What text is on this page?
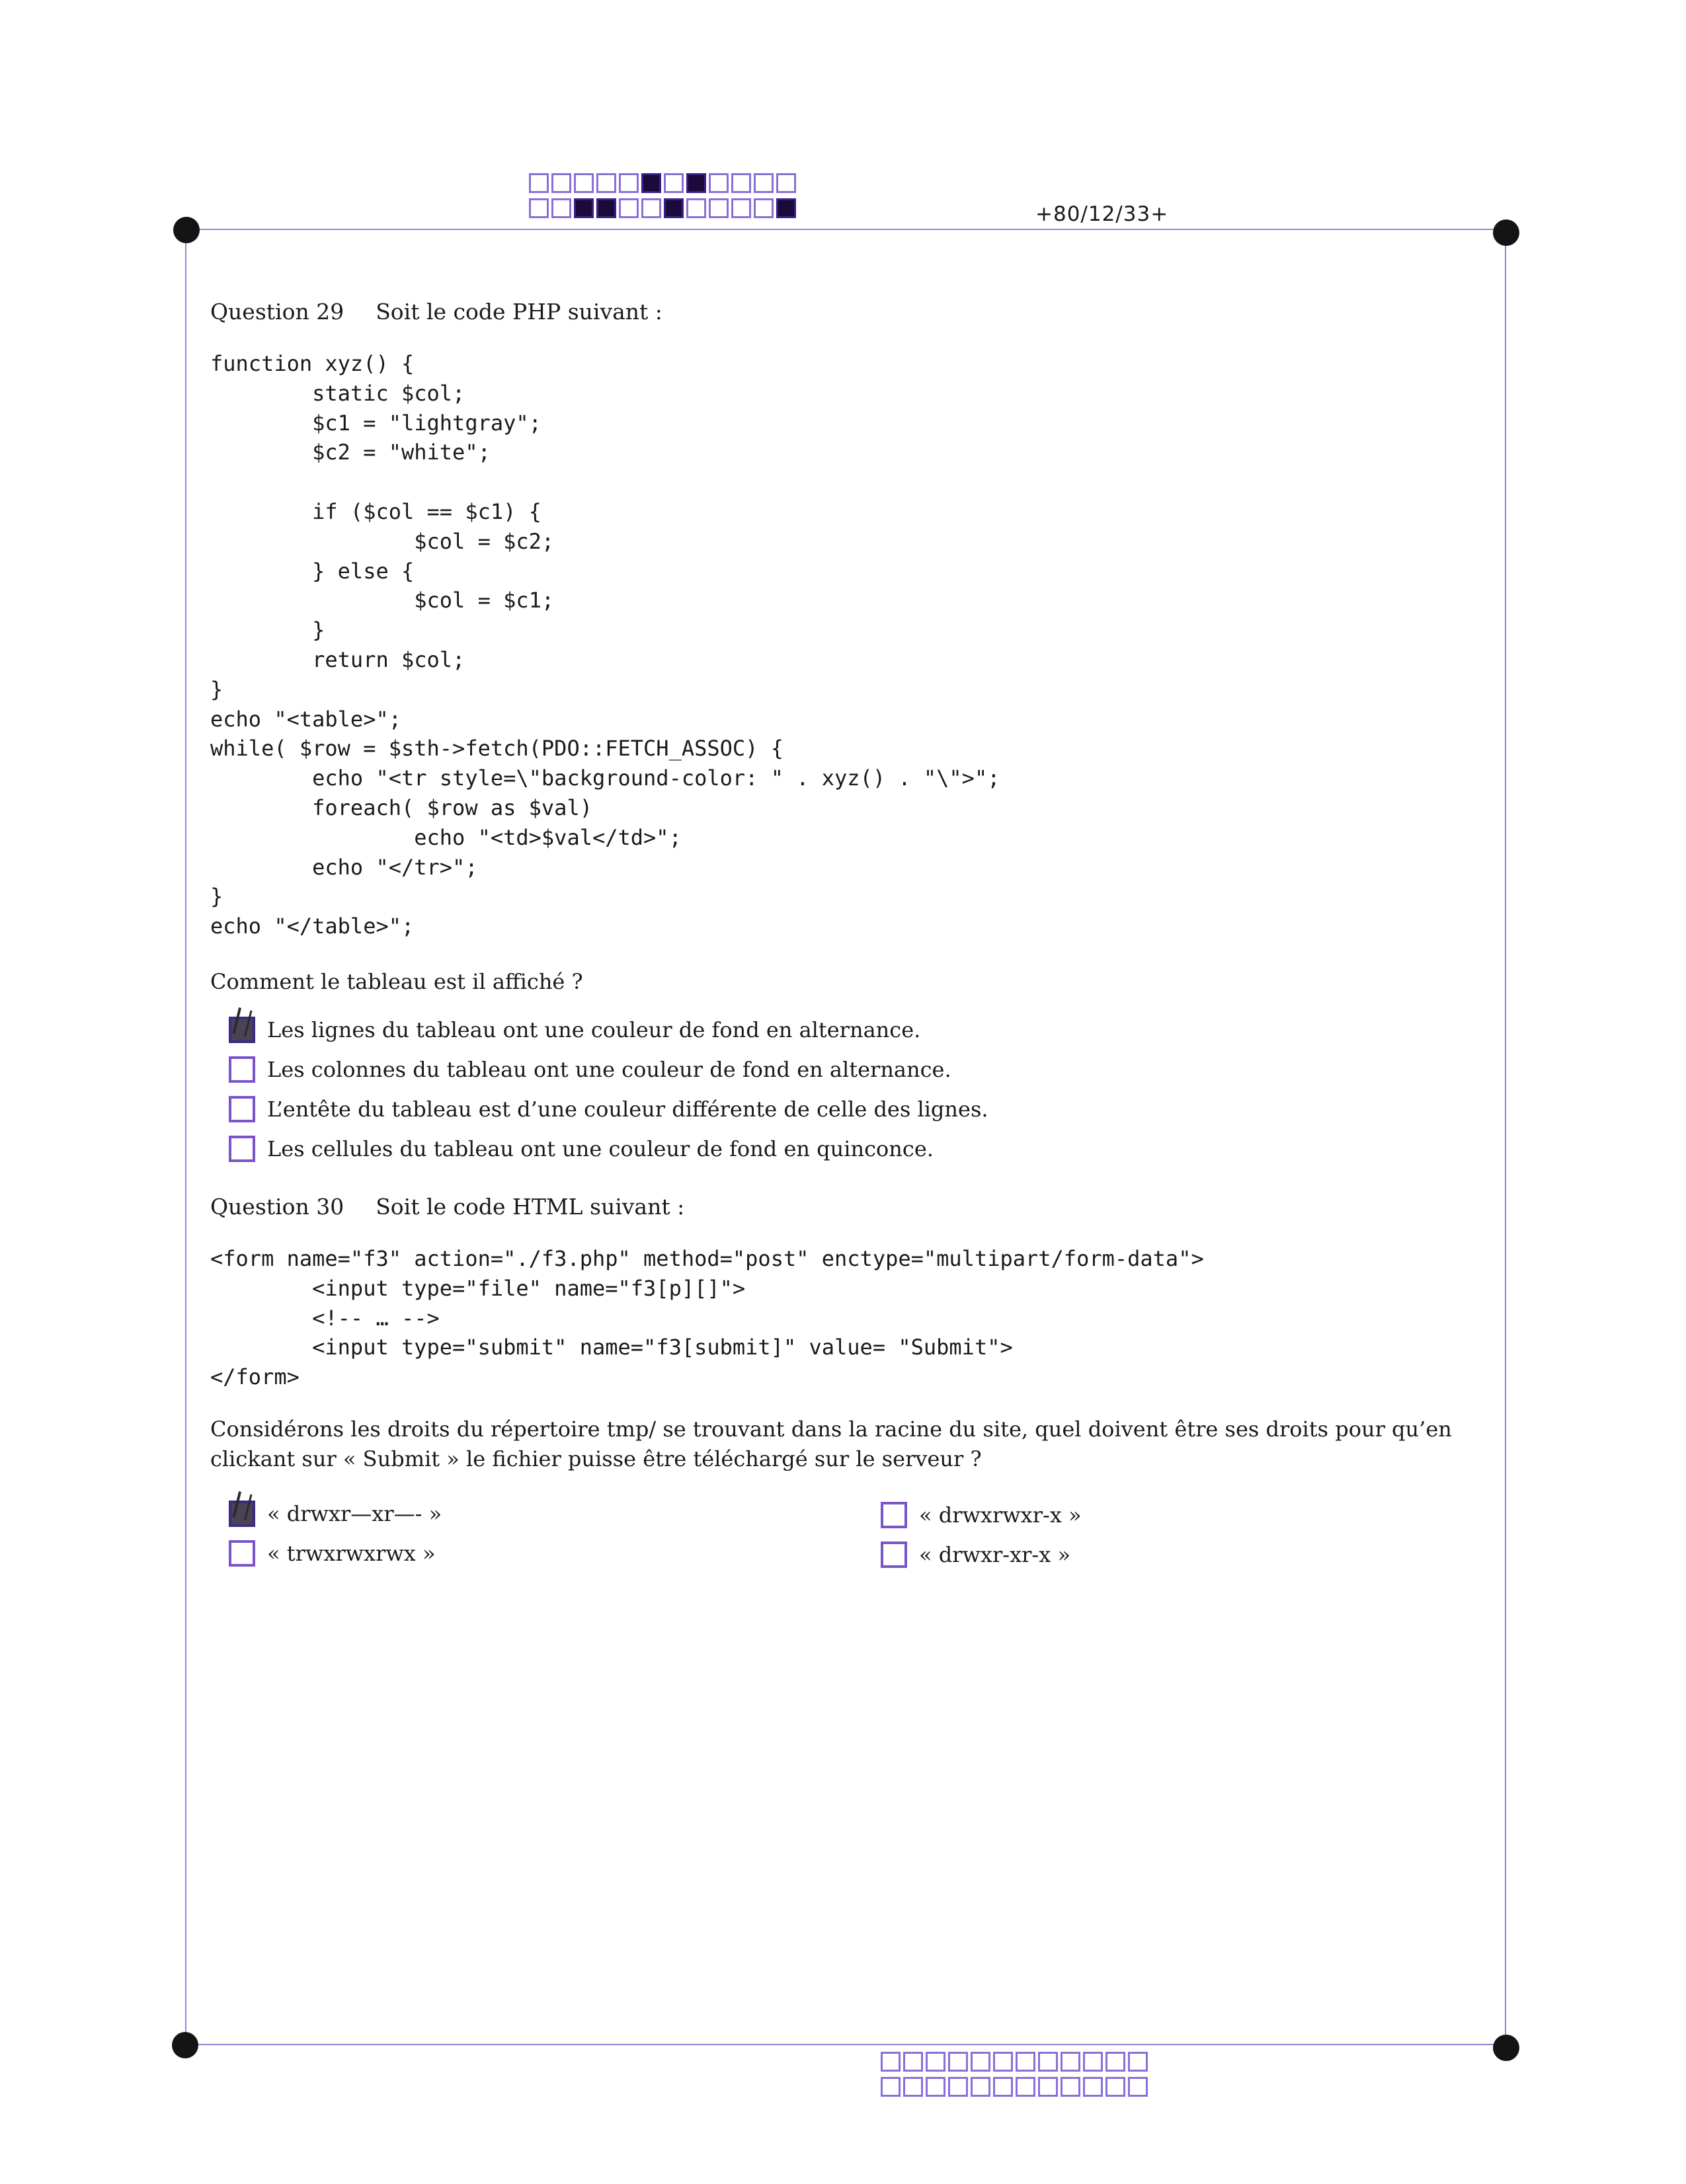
+80/12/33+
Question 29 Soit le code PHP suivant :
function xyz() {
static $col;
$c1 = "lightgray";
$c2 = "white";

if ($col == $c1) {
$col = $c2;
} else {
$col = $c1;
}
return $col;
}
echo "<table>";
while( $row = $sth->fetch(PDO::FETCH_ASSOC) {
echo "<tr style=\"background-color: " . xyz() . "\">";
foreach( $row as $val)
echo "<td>$val</td>";
echo "</tr>";
}
echo "</table>";
Comment le tableau est il affiché ?
Les lignes du tableau ont une couleur de fond en alternance.
Les colonnes du tableau ont une couleur de fond en alternance.
L’entête du tableau est d’une couleur différente de celle des lignes.
Les cellules du tableau ont une couleur de fond en quinconce.
Question 30 Soit le code HTML suivant :
<form name="f3" action="./f3.php" method="post" enctype="multipart/form-data">
<input type="file" name="f3[p][]">
<!-- … -->
<input type="submit" name="f3[submit]" value= "Submit">
</form>
Considérons les droits du répertoire tmp/ se trouvant dans la racine du site, quel doivent être ses droits pour qu’en clickant sur « Submit » le fichier puisse être téléchargé sur le serveur ?
« drwxr—xr—- »	« drwxrwxr-x »
« trwxrwxrwx »	« drwxr-xr-x »
